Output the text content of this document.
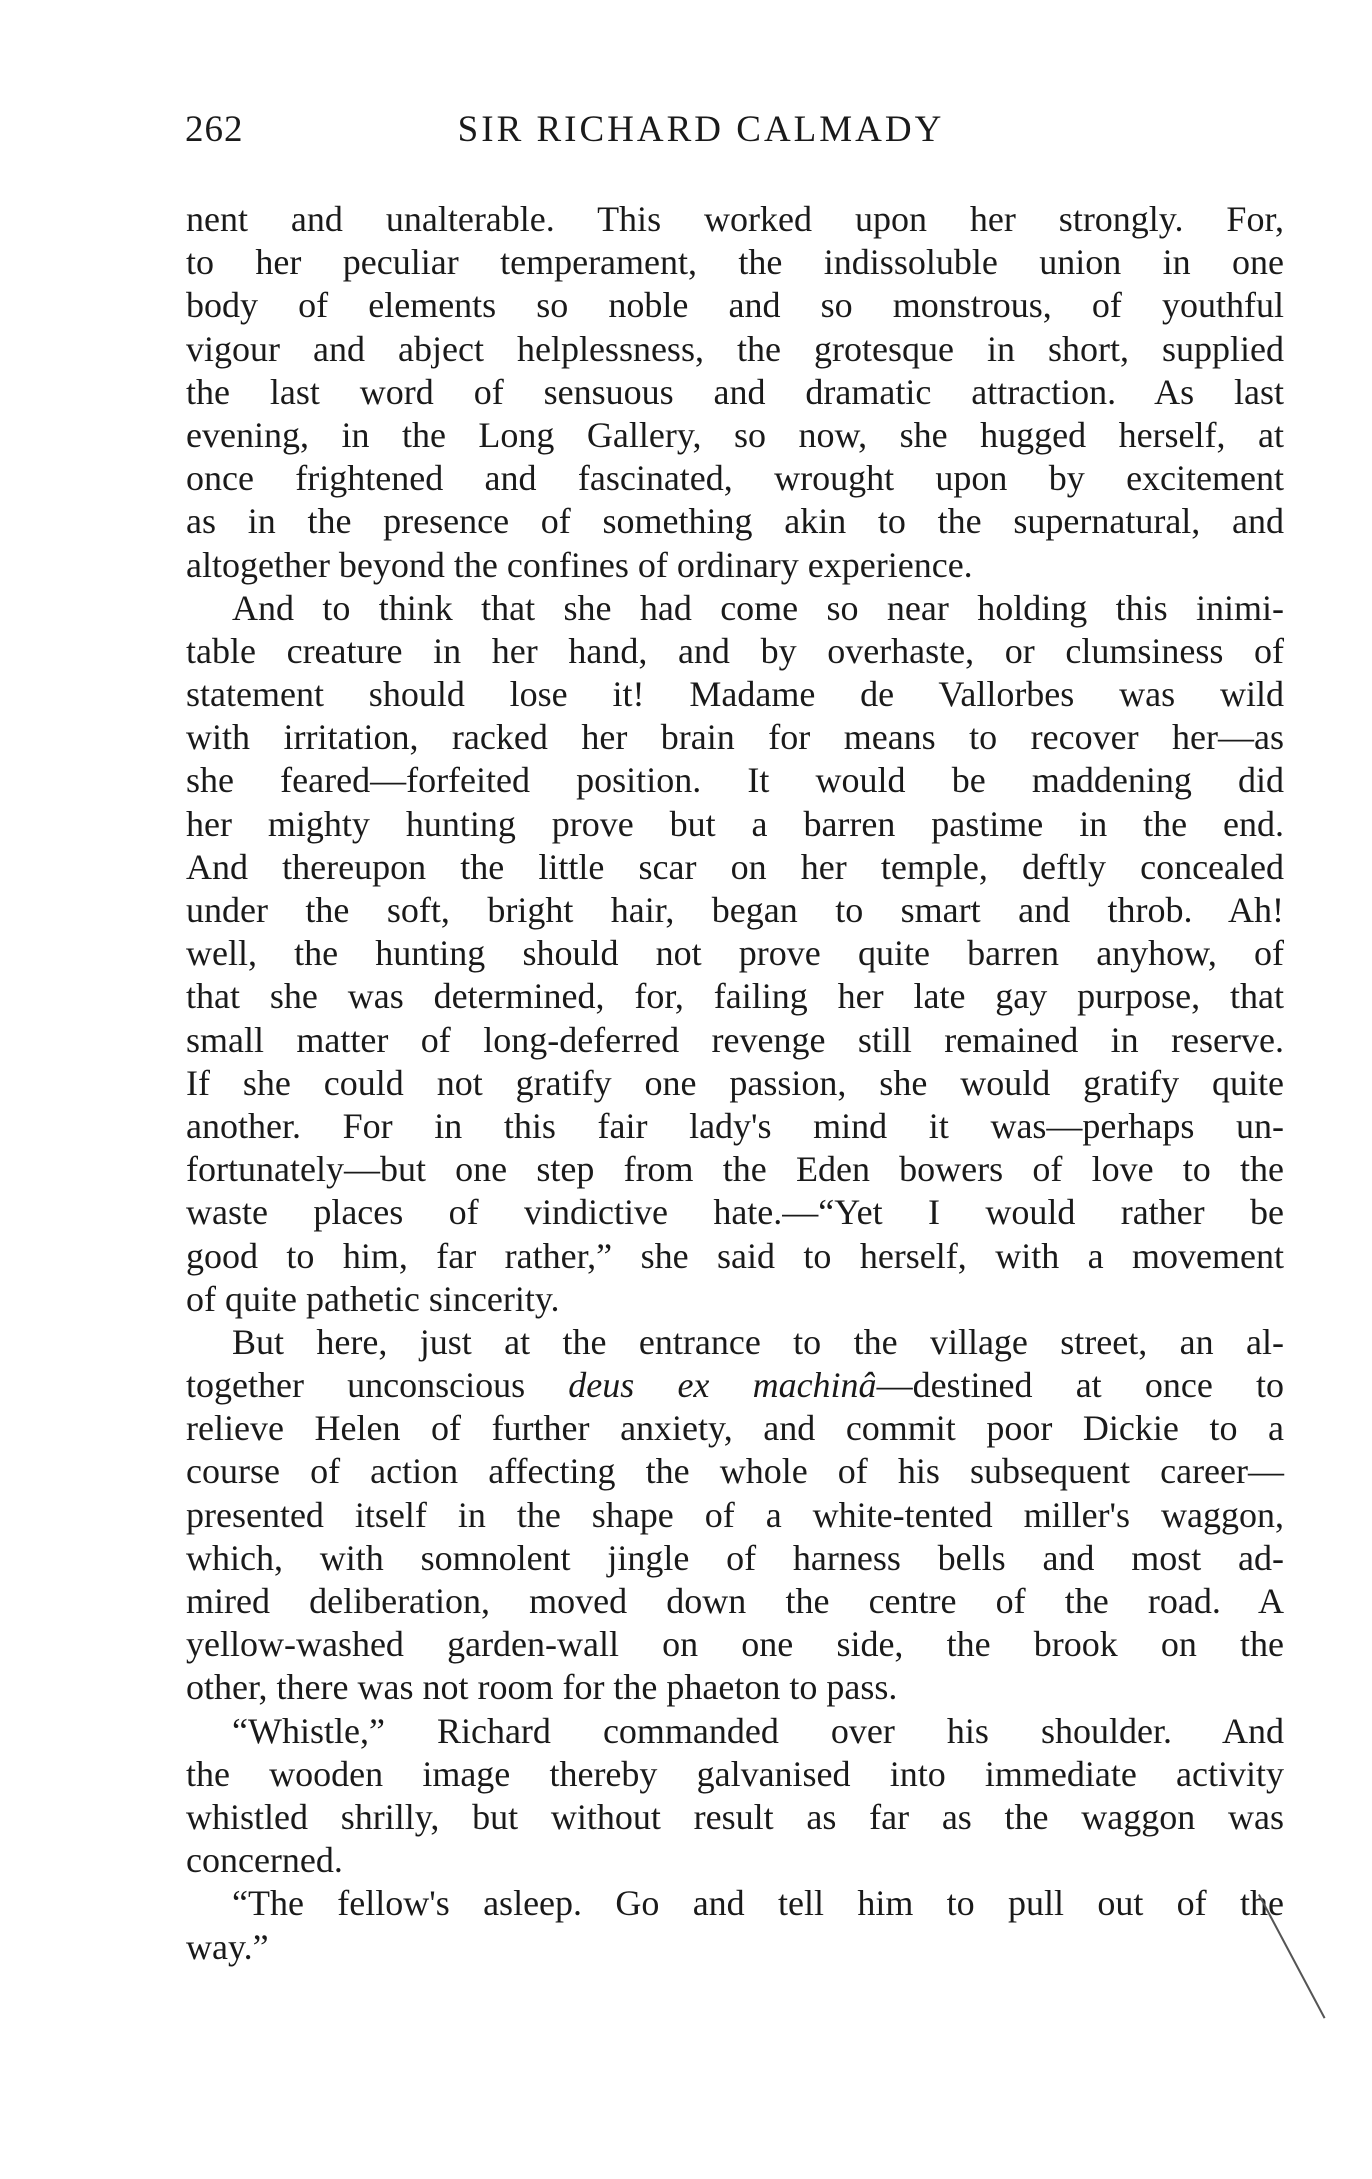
262	SIR RICHARD CALMADY
nent and unalterable. This worked upon her strongly. For,
to her peculiar temperament, the indissoluble union in one
body of elements so noble and so monstrous, of youthful
vigour and abject helplessness, the grotesque in short, supplied
the last word of sensuous and dramatic attraction. As last
evening, in the Long Gallery, so now, she hugged herself, at
once frightened and fascinated, wrought upon by excitement
as in the presence of something akin to the supernatural, and
altogether beyond the confines of ordinary experience.
And to think that she had come so near holding this inimi-
table creature in her hand, and by overhaste, or clumsiness of
statement should lose it! Madame de Vallorbes was wild
with irritation, racked her brain for means to recover her—as
she feared—forfeited position. It would be maddening did
her mighty hunting prove but a barren pastime in the end.
And thereupon the little scar on her temple, deftly concealed
under the soft, bright hair, began to smart and throb. Ah!
well, the hunting should not prove quite barren anyhow, of
that she was determined, for, failing her late gay purpose, that
small matter of long-deferred revenge still remained in reserve.
If she could not gratify one passion, she would gratify quite
another. For in this fair lady's mind it was—perhaps un-
fortunately—but one step from the Eden bowers of love to the
waste places of vindictive hate.—“Yet I would rather be
good to him, far rather,” she said to herself, with a movement
of quite pathetic sincerity.
But here, just at the entrance to the village street, an al-
together unconscious deus ex machinâ—destined at once to
relieve Helen of further anxiety, and commit poor Dickie to a
course of action affecting the whole of his subsequent career—
presented itself in the shape of a white-tented miller's waggon,
which, with somnolent jingle of harness bells and most ad-
mired deliberation, moved down the centre of the road. A
yellow-washed garden-wall on one side, the brook on the
other, there was not room for the phaeton to pass.
“Whistle,” Richard commanded over his shoulder. And
the wooden image thereby galvanised into immediate activity
whistled shrilly, but without result as far as the waggon was
concerned.
“The fellow's asleep. Go and tell him to pull out of the
way.”
